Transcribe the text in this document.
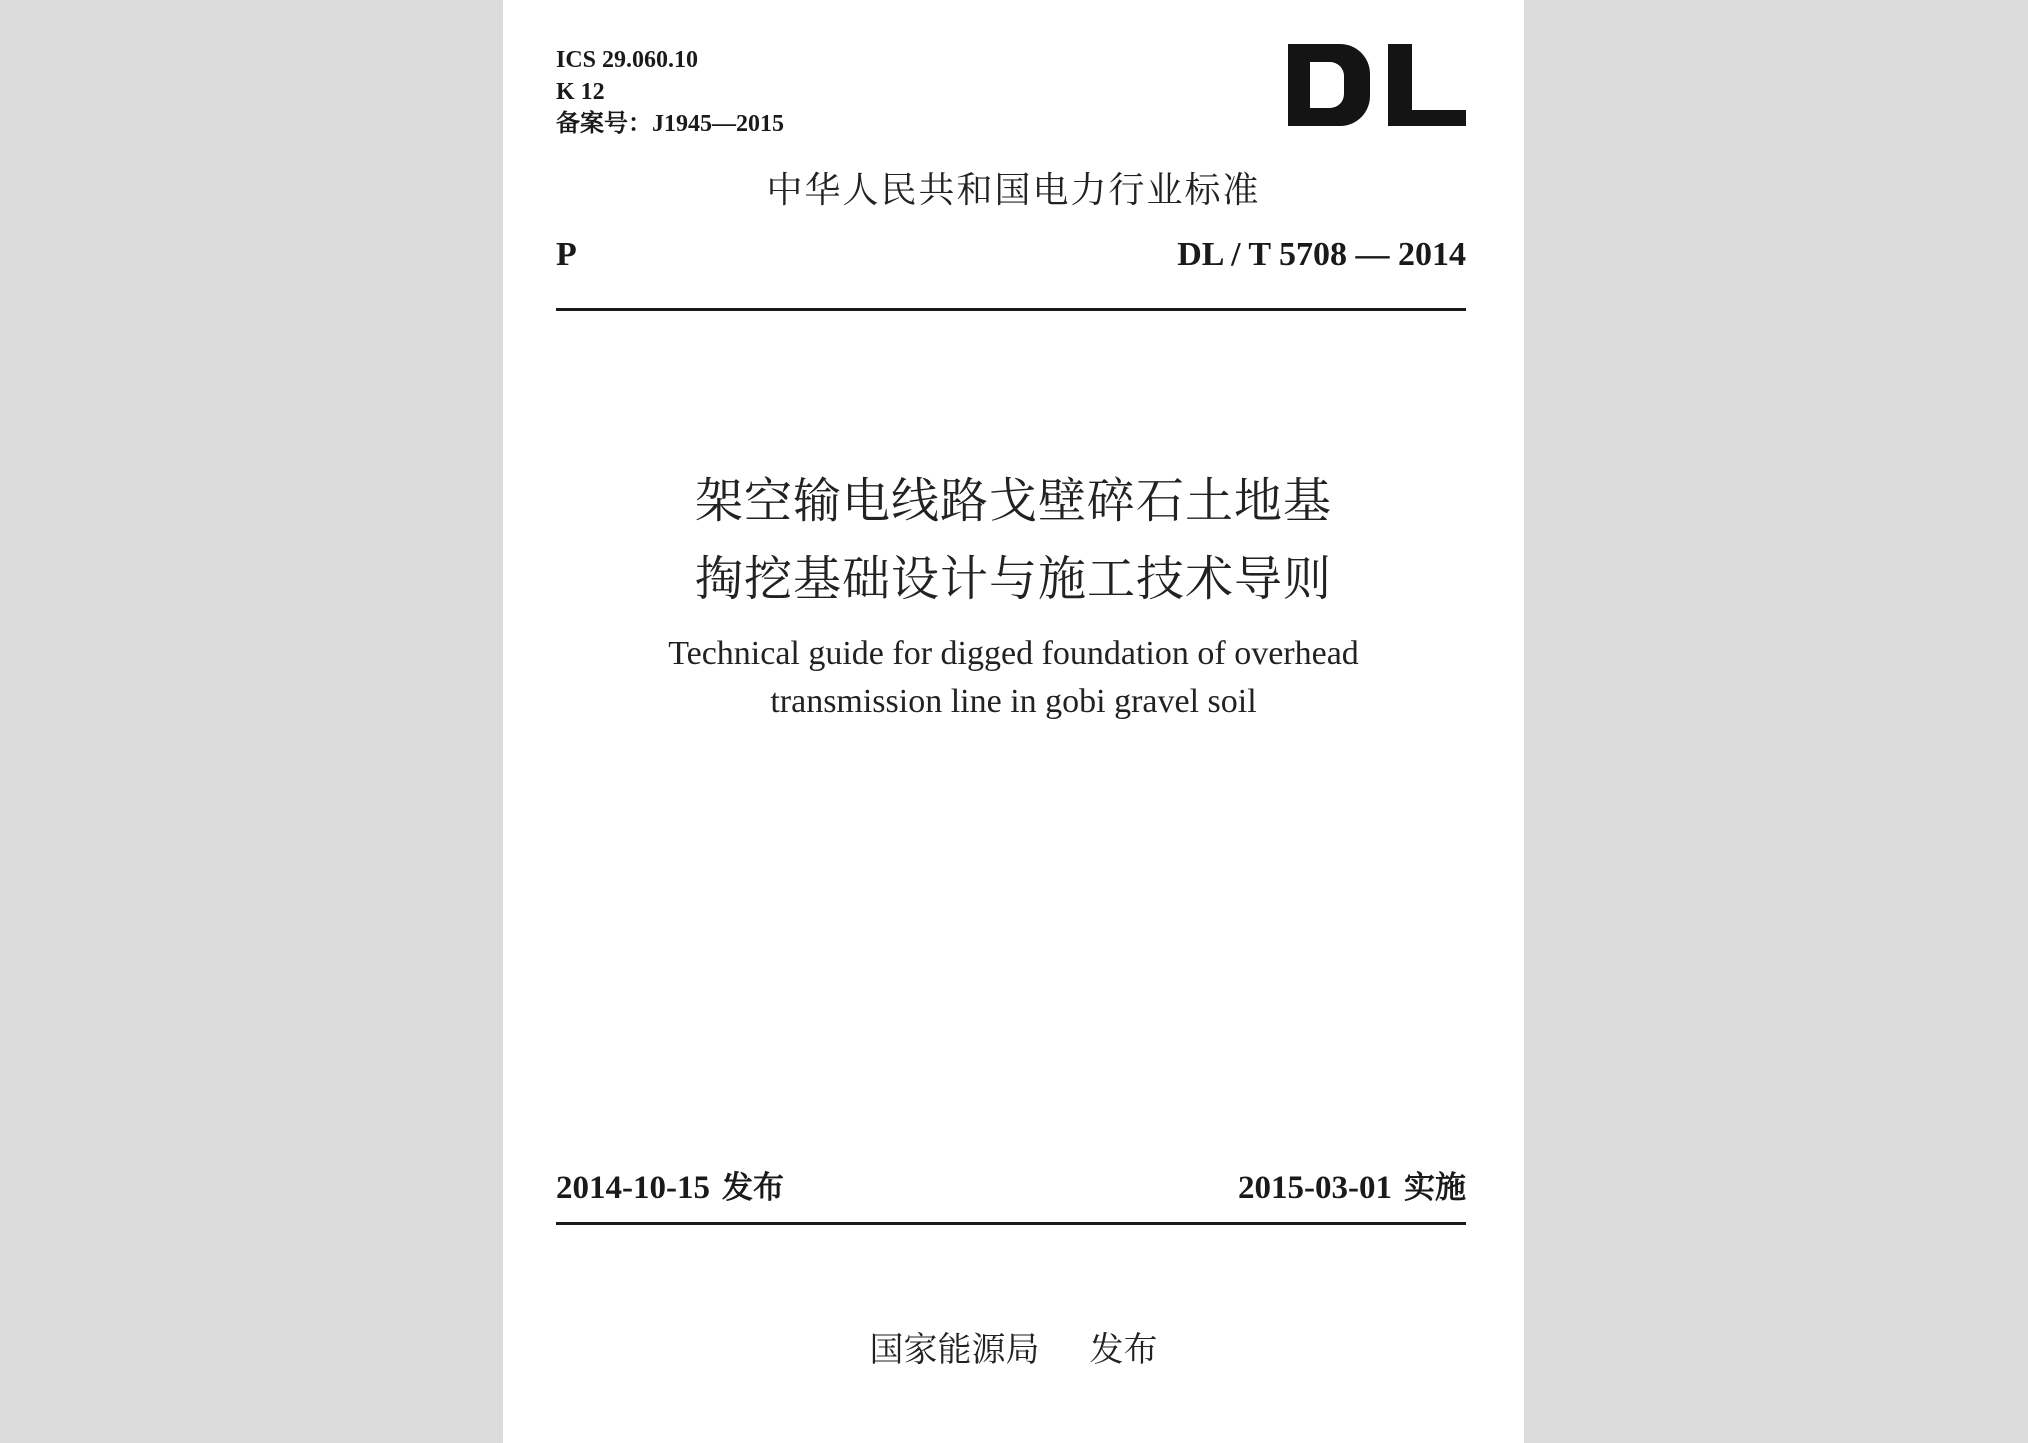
ICS 29.060.10
K 12
备案号：J1945—2015
中华人民共和国电力行业标准
P	DL / T 5708 — 2014
架空输电线路戈壁碎石土地基
掏挖基础设计与施工技术导则
Technical guide for digged foundation of overhead
transmission line in gobi gravel soil
2014-10-15 发布	2015-03-01 实施
国家能源局 发布
